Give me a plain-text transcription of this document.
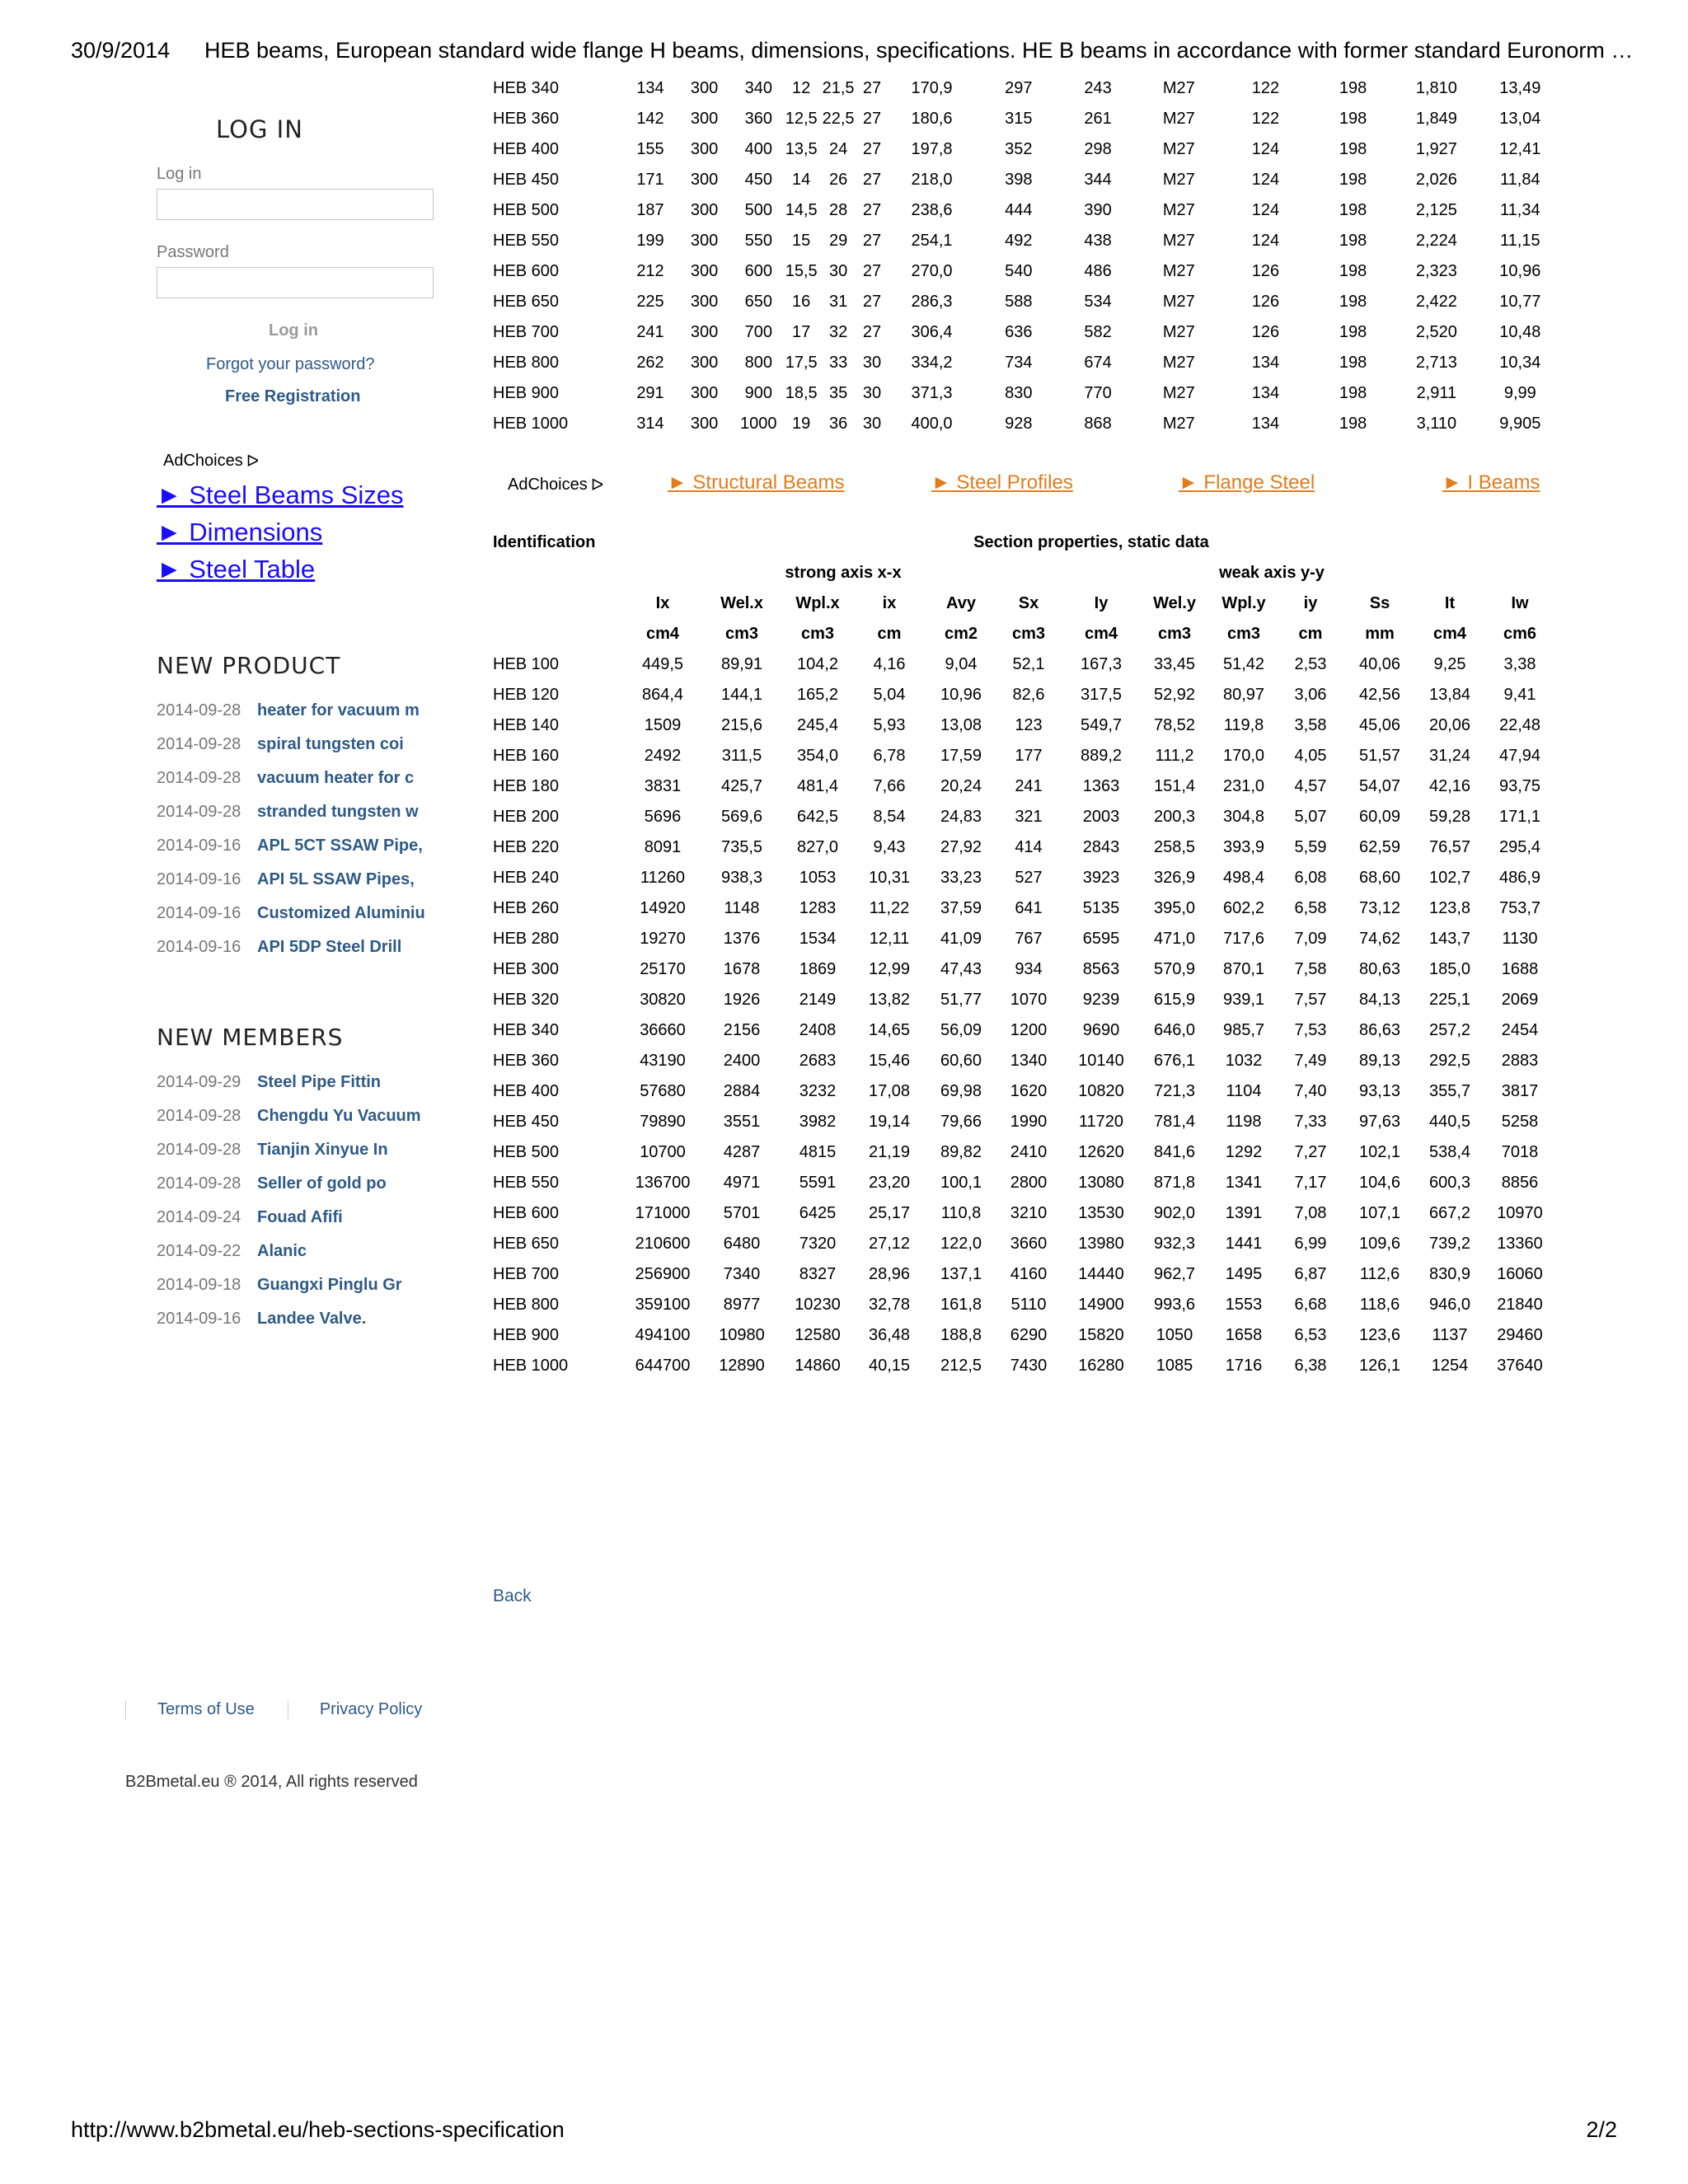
30/9/2014 HEB beams, European standard wide flange H beams, dimensions, specifications. HE B beams in accordance with former standard Euronorm …
http://www.b2bmetal.eu/heb-sections-specification	2/2
LOG IN
Log in
Password
Log in
Forgot your password?
Free Registration
AdChoices ᐅ
► Steel Beams Sizes
► Dimensions
► Steel Table
NEW PRODUCT
2014-09-28 heater for vacuum m
2014-09-28 spiral tungsten coi
2014-09-28 vacuum heater for c
2014-09-28 stranded tungsten w
2014-09-16 APL 5CT SSAW Pipe,
2014-09-16 API 5L SSAW Pipes,
2014-09-16 Customized Aluminiu
2014-09-16 API 5DP Steel Drill
NEW MEMBERS
2014-09-29 Steel Pipe Fittin
2014-09-28 Chengdu Yu Vacuum
2014-09-28 Tianjin Xinyue In
2014-09-28 Seller of gold po
2014-09-24 Fouad Afifi
2014-09-22 Alanic
2014-09-18 Guangxi Pinglu Gr
2014-09-16 Landee Valve.
HEB 340	134	300	340	12	21,5	27	170,9	297	243	M27	122	198	1,810	13,49
HEB 360	142	300	360	12,5	22,5	27	180,6	315	261	M27	122	198	1,849	13,04
HEB 400	155	300	400	13,5	24	27	197,8	352	298	M27	124	198	1,927	12,41
HEB 450	171	300	450	14	26	27	218,0	398	344	M27	124	198	2,026	11,84
HEB 500	187	300	500	14,5	28	27	238,6	444	390	M27	124	198	2,125	11,34
HEB 550	199	300	550	15	29	27	254,1	492	438	M27	124	198	2,224	11,15
HEB 600	212	300	600	15,5	30	27	270,0	540	486	M27	126	198	2,323	10,96
HEB 650	225	300	650	16	31	27	286,3	588	534	M27	126	198	2,422	10,77
HEB 700	241	300	700	17	32	27	306,4	636	582	M27	126	198	2,520	10,48
HEB 800	262	300	800	17,5	33	30	334,2	734	674	M27	134	198	2,713	10,34
HEB 900	291	300	900	18,5	35	30	371,3	830	770	M27	134	198	2,911	9,99
HEB 1000	314	300	1000	19	36	30	400,0	928	868	M27	134	198	3,110	9,905
AdChoices ᐅ	► Structural Beams	► Steel Profiles	► Flange Steel	► I Beams
Identification	Section properties, static data												
	strong axis x-x						weak axis y-y						
	Ix	Wel.x	Wpl.x	ix	Avy	Sx	Iy	Wel.y	Wpl.y	iy	Ss	It	Iw
	cm4	cm3	cm3	cm	cm2	cm3	cm4	cm3	cm3	cm	mm	cm4	cm6
HEB 100	449,5	89,91	104,2	4,16	9,04	52,1	167,3	33,45	51,42	2,53	40,06	9,25	3,38
HEB 120	864,4	144,1	165,2	5,04	10,96	82,6	317,5	52,92	80,97	3,06	42,56	13,84	9,41
HEB 140	1509	215,6	245,4	5,93	13,08	123	549,7	78,52	119,8	3,58	45,06	20,06	22,48
HEB 160	2492	311,5	354,0	6,78	17,59	177	889,2	111,2	170,0	4,05	51,57	31,24	47,94
HEB 180	3831	425,7	481,4	7,66	20,24	241	1363	151,4	231,0	4,57	54,07	42,16	93,75
HEB 200	5696	569,6	642,5	8,54	24,83	321	2003	200,3	304,8	5,07	60,09	59,28	171,1
HEB 220	8091	735,5	827,0	9,43	27,92	414	2843	258,5	393,9	5,59	62,59	76,57	295,4
HEB 240	11260	938,3	1053	10,31	33,23	527	3923	326,9	498,4	6,08	68,60	102,7	486,9
HEB 260	14920	1148	1283	11,22	37,59	641	5135	395,0	602,2	6,58	73,12	123,8	753,7
HEB 280	19270	1376	1534	12,11	41,09	767	6595	471,0	717,6	7,09	74,62	143,7	1130
HEB 300	25170	1678	1869	12,99	47,43	934	8563	570,9	870,1	7,58	80,63	185,0	1688
HEB 320	30820	1926	2149	13,82	51,77	1070	9239	615,9	939,1	7,57	84,13	225,1	2069
HEB 340	36660	2156	2408	14,65	56,09	1200	9690	646,0	985,7	7,53	86,63	257,2	2454
HEB 360	43190	2400	2683	15,46	60,60	1340	10140	676,1	1032	7,49	89,13	292,5	2883
HEB 400	57680	2884	3232	17,08	69,98	1620	10820	721,3	1104	7,40	93,13	355,7	3817
HEB 450	79890	3551	3982	19,14	79,66	1990	11720	781,4	1198	7,33	97,63	440,5	5258
HEB 500	10700	4287	4815	21,19	89,82	2410	12620	841,6	1292	7,27	102,1	538,4	7018
HEB 550	136700	4971	5591	23,20	100,1	2800	13080	871,8	1341	7,17	104,6	600,3	8856
HEB 600	171000	5701	6425	25,17	110,8	3210	13530	902,0	1391	7,08	107,1	667,2	10970
HEB 650	210600	6480	7320	27,12	122,0	3660	13980	932,3	1441	6,99	109,6	739,2	13360
HEB 700	256900	7340	8327	28,96	137,1	4160	14440	962,7	1495	6,87	112,6	830,9	16060
HEB 800	359100	8977	10230	32,78	161,8	5110	14900	993,6	1553	6,68	118,6	946,0	21840
HEB 900	494100	10980	12580	36,48	188,8	6290	15820	1050	1658	6,53	123,6	1137	29460
HEB 1000	644700	12890	14860	40,15	212,5	7430	16280	1085	1716	6,38	126,1	1254	37640
Back
Terms of Use	Privacy Policy
B2Bmetal.eu ® 2014, All rights reserved
